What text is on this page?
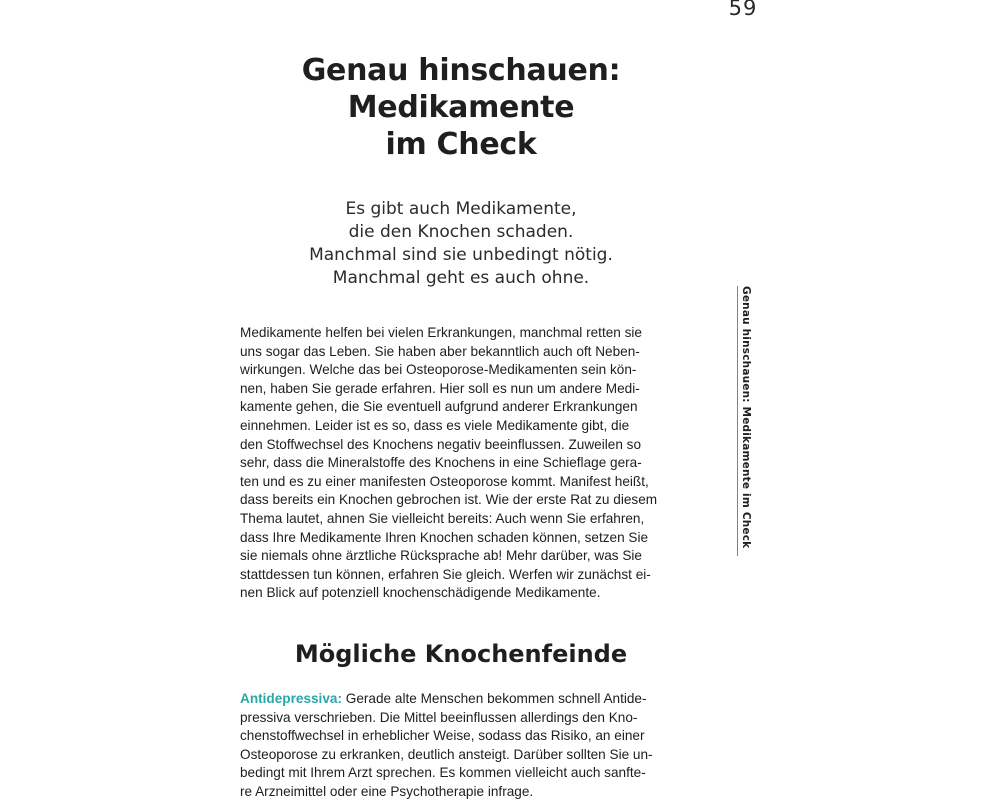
59
Genau hinschauen: Medikamente im Check
Genau hinschauen:
Medikamente
im Check
Es gibt auch Medikamente,
die den Knochen schaden.
Manchmal sind sie unbedingt nötig.
Manchmal geht es auch ohne.

Medikamente helfen bei vielen Erkrankungen, manchmal retten sie
uns sogar das Leben. Sie haben aber bekanntlich auch oft Neben-
wirkungen. Welche das bei Osteoporose-Medikamenten sein kön-
nen, haben Sie gerade erfahren. Hier soll es nun um andere Medi-
kamente gehen, die Sie eventuell aufgrund anderer Erkrankungen
einnehmen. Leider ist es so, dass es viele Medikamente gibt, die
den Stoffwechsel des Knochens negativ beeinflussen. Zuweilen so
sehr, dass die Mineralstoffe des Knochens in eine Schieflage gera-
ten und es zu einer manifesten Osteoporose kommt. Manifest heißt,
dass bereits ein Knochen gebrochen ist. Wie der erste Rat zu diesem
Thema lautet, ahnen Sie vielleicht bereits: Auch wenn Sie erfahren,
dass Ihre Medikamente Ihren Knochen schaden können, setzen Sie
sie niemals ohne ärztliche Rücksprache ab! Mehr darüber, was Sie
stattdessen tun können, erfahren Sie gleich. Werfen wir zunächst ei-
nen Blick auf potenziell knochenschädigende Medikamente.

Mögliche Knochenfeinde

Antidepressiva: Gerade alte Menschen bekommen schnell Antide-
pressiva verschrieben. Die Mittel beeinflussen allerdings den Kno-
chenstoffwechsel in erheblicher Weise, sodass das Risiko, an einer
Osteoporose zu erkranken, deutlich ansteigt. Darüber sollten Sie un-
bedingt mit Ihrem Arzt sprechen. Es kommen vielleicht auch sanfte-
re Arzneimittel oder eine Psychotherapie infrage.
